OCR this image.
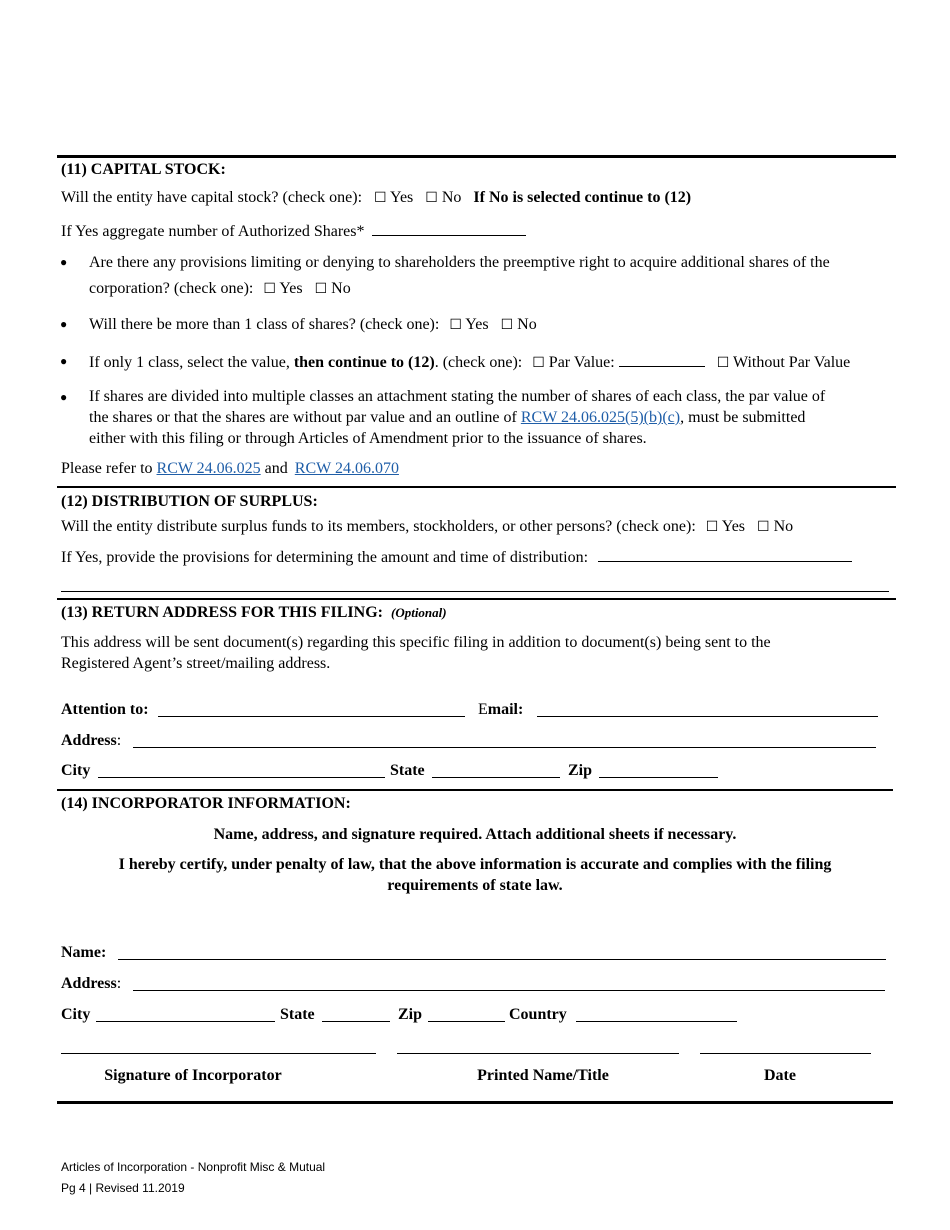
(11) CAPITAL STOCK:
Will the entity have capital stock? (check one): ☐ Yes ☐ No If No is selected continue to (12)
If Yes aggregate number of Authorized Shares*
● Are there any provisions limiting or denying to shareholders the preemptive right to acquire additional shares of the
corporation? (check one): ☐ Yes ☐ No
● Will there be more than 1 class of shares? (check one): ☐ Yes ☐ No
● If only 1 class, select the value, then continue to (12). (check one): ☐ Par Value:	☐ Without Par Value
● If shares are divided into multiple classes an attachment stating the number of shares of each class, the par value of
the shares or that the shares are without par value and an outline of RCW 24.06.025(5)(b)(c), must be submitted
either with this filing or through Articles of Amendment prior to the issuance of shares.
Please refer to RCW 24.06.025 and RCW 24.06.070
(12) DISTRIBUTION OF SURPLUS:
Will the entity distribute surplus funds to its members, stockholders, or other persons? (check one): ☐ Yes ☐ No
If Yes, provide the provisions for determining the amount and time of distribution:
(13) RETURN ADDRESS FOR THIS FILING: (Optional)
This address will be sent document(s) regarding this specific filing in addition to document(s) being sent to the
Registered Agent’s street/mailing address.
Attention to:	Email:
Address:
City	State	Zip
(14) INCORPORATOR INFORMATION:
Name, address, and signature required. Attach additional sheets if necessary.
I hereby certify, under penalty of law, that the above information is accurate and complies with the filing
requirements of state law.
Name:
Address:
City	State	Zip	Country
Signature of Incorporator	Printed Name/Title	Date
Articles of Incorporation - Nonprofit Misc & Mutual
Pg 4 | Revised 11.2019
